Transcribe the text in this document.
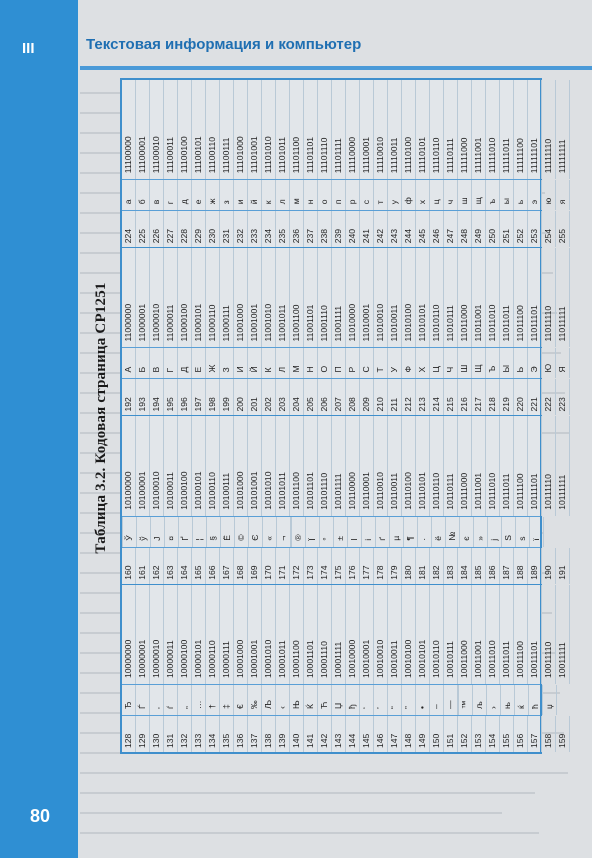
III	Текстовая информация и компьютер
80
Таблица 3.2. Кодовая страница CP1251
128 129 130 131 132 133 134 135 136 137 138 139 140 141 142 143 144 145 146 147 148 149 150 151 152 153 154 155 156 157 158 159
Ђ Ѓ ‚ ѓ „ … † ‡ € ‰ Љ ‹ Њ Ќ Ћ Џ ђ ‘ ’ “ ” • – — ™ љ › њ ќ ћ џ
10000000 10000001 10000010 10000011 10000100 10000101 10000110 10000111 10001000 10001001 10001010 10001011 10001100 10001101 10001110 10001111 10010000 10010001 10010010 10010011 10010100 10010101 10010110 10010111 10011000 10011001 10011010 10011011 10011100 10011101 10011110 10011111
160 161 162 163 164 165 166 167 168 169 170 171 172 173 174 175 176 177 178 179 180 181 182 183 184 185 186 187 188 189 190 191
Ў ў Ј ¤ Ґ ¦ § Ё © Є « ¬ ® Ї ° ± І і ґ µ ¶ · ё № є » ј Ѕ ѕ ї
10100000 10100001 10100010 10100011 10100100 10100101 10100110 10100111 10101000 10101001 10101010 10101011 10101100 10101101 10101110 10101111 10110000 10110001 10110010 10110011 10110100 10110101 10110110 10110111 10111000 10111001 10111010 10111011 10111100 10111101 10111110 10111111
192 193 194 195 196 197 198 199 200 201 202 203 204 205 206 207 208 209 210 211 212 213 214 215 216 217 218 219 220 221 222 223
А Б В Г Д Е Ж З И Й К Л М Н О П Р С Т У Ф Х Ц Ч Ш Щ Ъ Ы Ь Э Ю Я
11000000 11000001 11000010 11000011 11000100 11000101 11000110 11000111 11001000 11001001 11001010 11001011 11001100 11001101 11001110 11001111 11010000 11010001 11010010 11010011 11010100 11010101 11010110 11010111 11011000 11011001 11011010 11011011 11011100 11011101 11011110 11011111
224 225 226 227 228 229 230 231 232 233 234 235 236 237 238 239 240 241 242 243 244 245 246 247 248 249 250 251 252 253 254 255
а б в г д е ж з и й к л м н о п р с т у ф х ц ч ш щ ъ ы ь э ю я
11100000 11100001 11100010 11100011 11100100 11100101 11100110 11100111 11101000 11101001 11101010 11101011 11101100 11101101 11101110 11101111 11110000 11110001 11110010 11110011 11110100 11110101 11110110 11110111 11111000 11111001 11111010 11111011 11111100 11111101 11111110 11111111
